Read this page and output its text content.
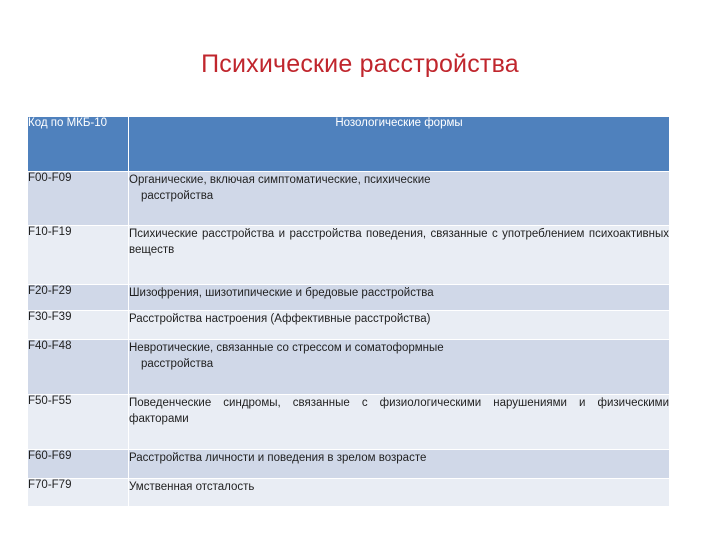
Психические расстройства
Код по МКБ-10	Нозологические формы
F00-F09	Органические, включая симптоматические, психические
расстройства
F10-F19	Психические расстройства и расстройства поведения, связанные с употреблением психоактивных веществ
F20-F29	Шизофрения, шизотипические и бредовые расстройства
F30-F39	Расстройства настроения (Аффективные расстройства)
F40-F48	Невротические, связанные со стрессом и соматоформные
расстройства
F50-F55	Поведенческие синдромы, связанные с физиологическими нарушениями и физическими факторами
F60-F69	Расстройства личности и поведения в зрелом возрасте
F70-F79	Умственная отсталость
